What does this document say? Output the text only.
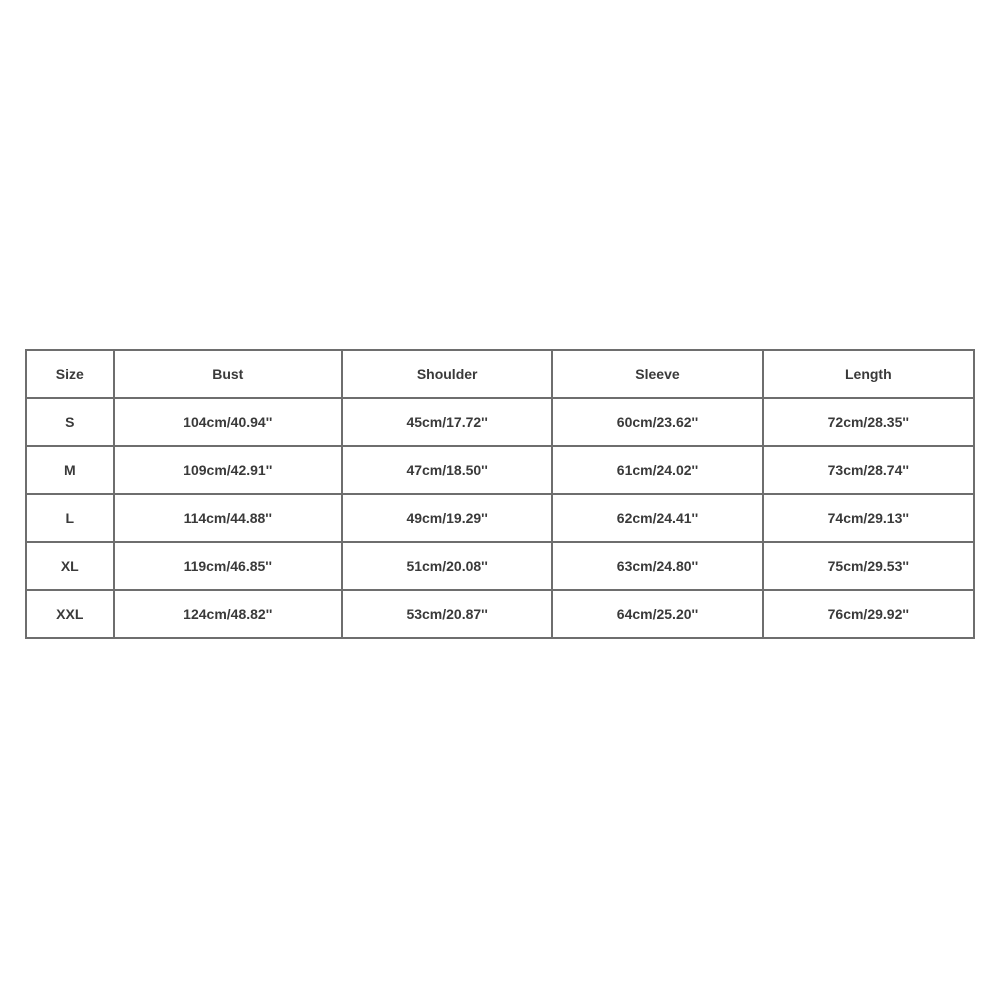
Size	Bust	Shoulder	Sleeve	Length
S	104cm/40.94''	45cm/17.72''	60cm/23.62''	72cm/28.35''
M	109cm/42.91''	47cm/18.50''	61cm/24.02''	73cm/28.74''
L	114cm/44.88''	49cm/19.29''	62cm/24.41''	74cm/29.13''
XL	119cm/46.85''	51cm/20.08''	63cm/24.80''	75cm/29.53''
XXL	124cm/48.82''	53cm/20.87''	64cm/25.20''	76cm/29.92''
